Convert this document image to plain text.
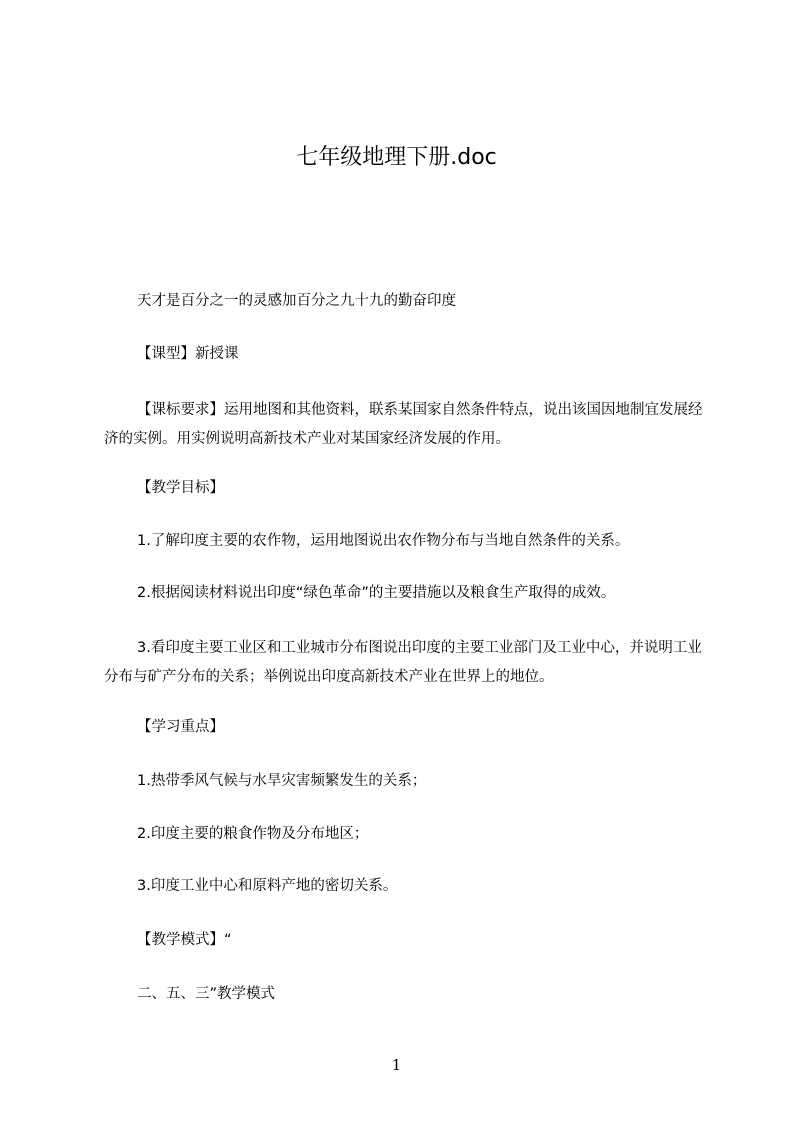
七年级地理下册.doc
天才是百分之一的灵感加百分之九十九的勤奋印度
【课型】新授课
【课标要求】运用地图和其他资料，联系某国家自然条件特点，说出该国因地制宜发展经济的实例。用实例说明高新技术产业对某国家经济发展的作用。
【教学目标】
1.了解印度主要的农作物，运用地图说出农作物分布与当地自然条件的关系。
2.根据阅读材料说出印度“绿色革命”的主要措施以及粮食生产取得的成效。
3.看印度主要工业区和工业城市分布图说出印度的主要工业部门及工业中心，并说明工业分布与矿产分布的关系；举例说出印度高新技术产业在世界上的地位。
【学习重点】
1.热带季风气候与水旱灾害频繁发生的关系；
2.印度主要的粮食作物及分布地区；
3.印度工业中心和原料产地的密切关系。
【教学模式】“
二、五、三”教学模式
1
